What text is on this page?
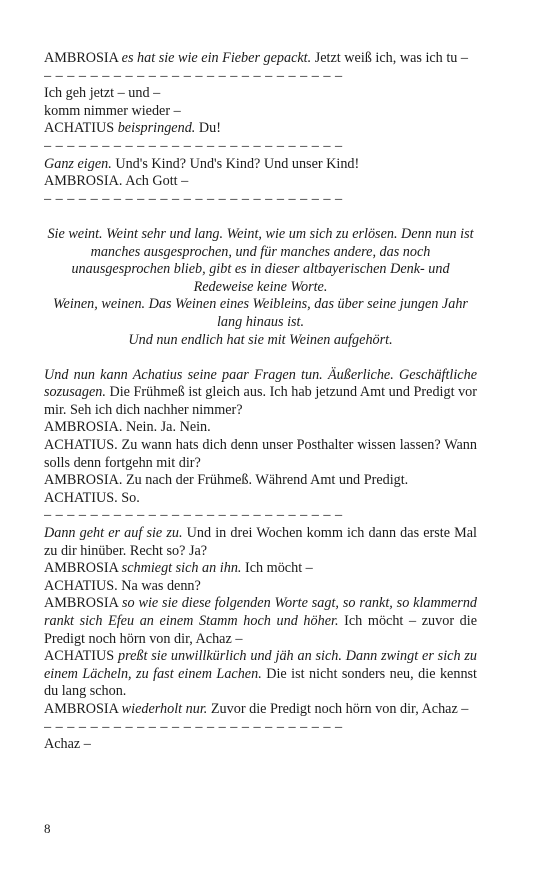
AMBROSIA es hat sie wie ein Fieber gepackt. Jetzt weiß ich, was ich tu –

– – – – – – – – – – – – – – – – – – – – – – – – – –

Ich geh jetzt – und –

komm nimmer wieder –

ACHATIUS beispringend. Du!

– – – – – – – – – – – – – – – – – – – – – – – – – –

Ganz eigen. Und's Kind? Und's Kind? Und unser Kind!

AMBROSIA. Ach Gott –

– – – – – – – – – – – – – – – – – – – – – – – – – –

Sie weint. Weint sehr und lang. Weint, wie um sich zu erlösen. Denn nun ist manches ausgesprochen, und für manches andere, das noch unausgesprochen blieb, gibt es in dieser altbayerischen Denk- und Redeweise keine Worte.

Weinen, weinen. Das Weinen eines Weibleins, das über seine jungen Jahr lang hinaus ist.

Und nun endlich hat sie mit Weinen aufgehört.

Und nun kann Achatius seine paar Fragen tun. Äußerliche. Geschäftliche sozusagen. Die Frühmeß ist gleich aus. Ich hab jetzund Amt und Predigt vor mir. Seh ich dich nachher nimmer?

AMBROSIA. Nein. Ja. Nein.

ACHATIUS. Zu wann hats dich denn unser Posthalter wissen lassen? Wann solls denn fortgehn mit dir?

AMBROSIA. Zu nach der Frühmeß. Während Amt und Predigt.

ACHATIUS. So.

– – – – – – – – – – – – – – – – – – – – – – – – – –

Dann geht er auf sie zu. Und in drei Wochen komm ich dann das erste Mal zu dir hinüber. Recht so? Ja?

AMBROSIA schmiegt sich an ihn. Ich möcht –

ACHATIUS. Na was denn?

AMBROSIA so wie sie diese folgenden Worte sagt, so rankt, so klammernd rankt sich Efeu an einem Stamm hoch und höher. Ich möcht – zuvor die Predigt noch hörn von dir, Achaz –

ACHATIUS preßt sie unwillkürlich und jäh an sich. Dann zwingt er sich zu einem Lächeln, zu fast einem Lachen. Die ist nicht sonders neu, die kennst du lang schon.

AMBROSIA wiederholt nur. Zuvor die Predigt noch hörn von dir, Achaz –

– – – – – – – – – – – – – – – – – – – – – – – – – –

Achaz –

8
